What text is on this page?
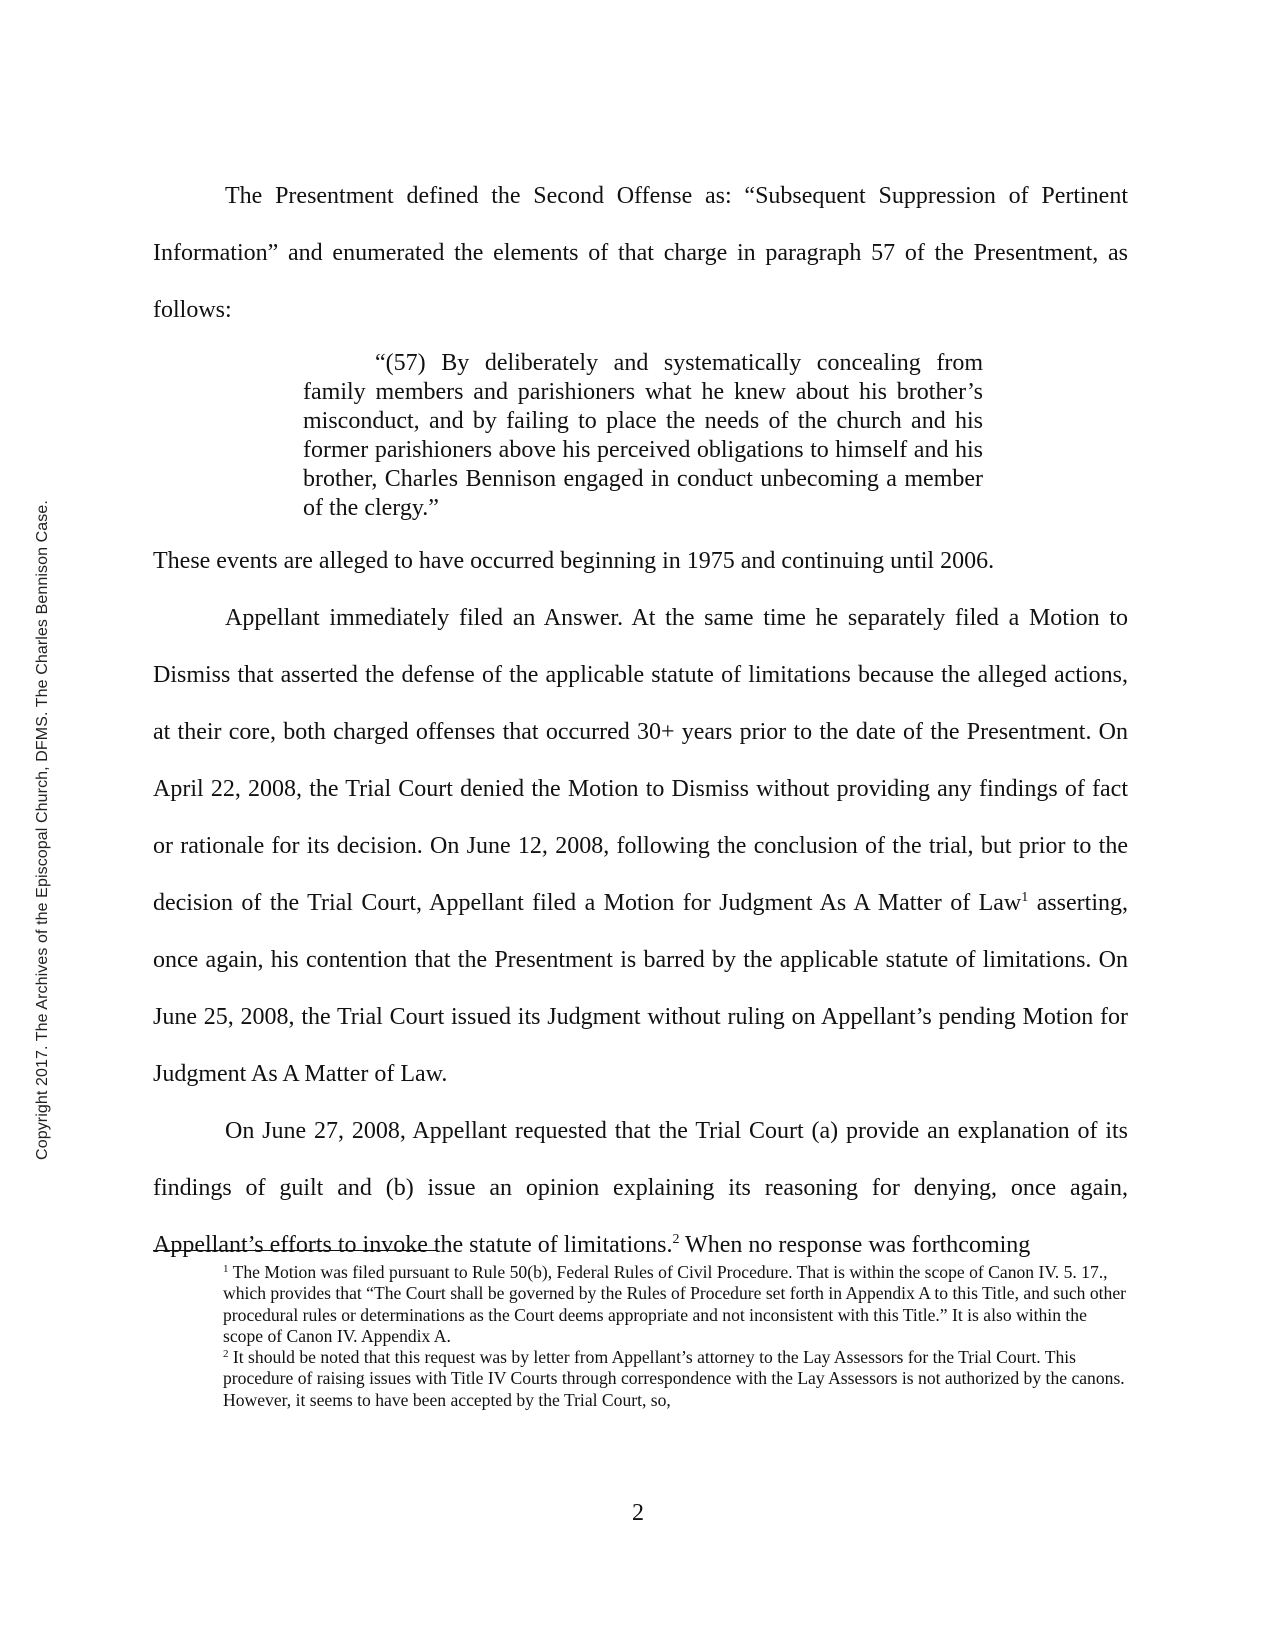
Copyright 2017. The Archives of the Episcopal Church, DFMS. The Charles Bennison Case.

The Presentment defined the Second Offense as: “Subsequent Suppression of Pertinent Information” and enumerated the elements of that charge in paragraph 57 of the Presentment, as follows:

“(57) By deliberately and systematically concealing from family members and parishioners what he knew about his brother’s misconduct, and by failing to place the needs of the church and his former parishioners above his perceived obligations to himself and his brother, Charles Bennison engaged in conduct unbecoming a member of the clergy.”

These events are alleged to have occurred beginning in 1975 and continuing until 2006.

Appellant immediately filed an Answer. At the same time he separately filed a Motion to Dismiss that asserted the defense of the applicable statute of limitations because the alleged actions, at their core, both charged offenses that occurred 30+ years prior to the date of the Presentment. On April 22, 2008, the Trial Court denied the Motion to Dismiss without providing any findings of fact or rationale for its decision. On June 12, 2008, following the conclusion of the trial, but prior to the decision of the Trial Court, Appellant filed a Motion for Judgment As A Matter of Law$^1$ asserting, once again, his contention that the Presentment is barred by the applicable statute of limitations. On June 25, 2008, the Trial Court issued its Judgment without ruling on Appellant’s pending Motion for Judgment As A Matter of Law.

On June 27, 2008, Appellant requested that the Trial Court (a) provide an explanation of its findings of guilt and (b) issue an opinion explaining its reasoning for denying, once again, Appellant’s efforts to invoke the statute of limitations.$^2$ When no response was forthcoming

$^1$ The Motion was filed pursuant to Rule 50(b), Federal Rules of Civil Procedure. That is within the scope of Canon IV. 5. 17., which provides that “The Court shall be governed by the Rules of Procedure set forth in Appendix A to this Title, and such other procedural rules or determinations as the Court deems appropriate and not inconsistent with this Title.” It is also within the scope of Canon IV. Appendix A.

$^2$ It should be noted that this request was by letter from Appellant’s attorney to the Lay Assessors for the Trial Court. This procedure of raising issues with Title IV Courts through correspondence with the Lay Assessors is not authorized by the canons. However, it seems to have been accepted by the Trial Court, so,

2
